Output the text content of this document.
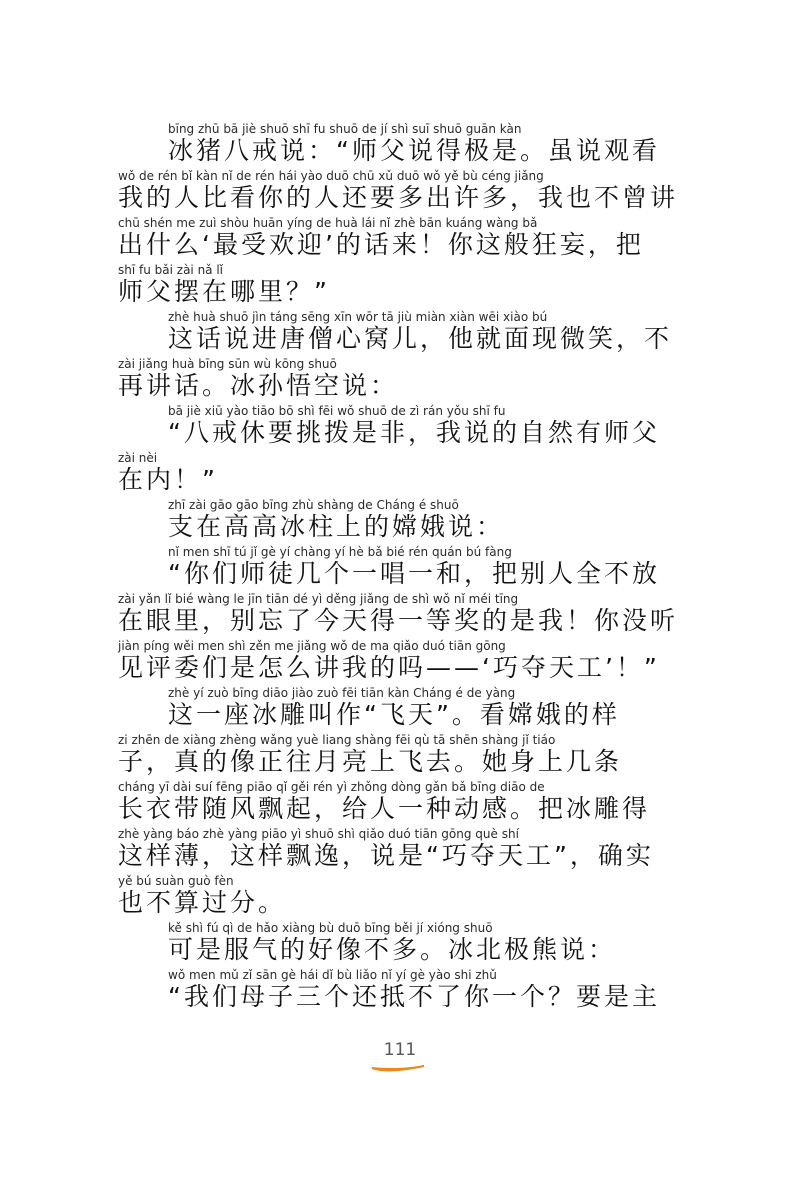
bīng zhū bā jiè shuō shī fu shuō de jí shì suī shuō guān kàn
冰猪八戒说：“师父说得极是。虽说观看
wǒ de rén bǐ kàn nǐ de rén hái yào duō chū xǔ duō wǒ yě bù céng jiǎng
我的人比看你的人还要多出许多，我也不曾讲
chū shén me zuì shòu huān yíng de huà lái nǐ zhè bān kuáng wàng bǎ
出什么‘最受欢迎’的话来！你这般狂妄，把
shī fu bǎi zài nǎ lǐ
师父摆在哪里？”
zhè huà shuō jìn táng sēng xīn wōr tā jiù miàn xiàn wēi xiào bú
这话说进唐僧心窝儿，他就面现微笑，不
zài jiǎng huà bīng sūn wù kōng shuō
再讲话。冰孙悟空说：
bā jiè xiū yào tiāo bō shì fēi wǒ shuō de zì rán yǒu shī fu
“八戒休要挑拨是非，我说的自然有师父
zài nèi
在内！”
zhī zài gāo gāo bīng zhù shàng de Cháng é shuō
支在高高冰柱上的嫦娥说：
nǐ men shī tú jǐ gè yí chàng yí hè bǎ bié rén quán bú fàng
“你们师徒几个一唱一和，把别人全不放
zài yǎn lǐ bié wàng le jīn tiān dé yì děng jiǎng de shì wǒ nǐ méi tīng
在眼里，别忘了今天得一等奖的是我！你没听
jiàn píng wěi men shì zěn me jiǎng wǒ de ma qiǎo duó tiān gōng
见评委们是怎么讲我的吗——‘巧夺天工’！”
zhè yí zuò bīng diāo jiào zuò fēi tiān kàn Cháng é de yàng
这一座冰雕叫作“飞天”。看嫦娥的样
zi zhēn de xiàng zhèng wǎng yuè liang shàng fēi qù tā shēn shàng jǐ tiáo
子，真的像正往月亮上飞去。她身上几条
cháng yī dài suí fēng piāo qǐ gěi rén yì zhǒng dòng gǎn bǎ bīng diāo de
长衣带随风飘起，给人一种动感。把冰雕得
zhè yàng báo zhè yàng piāo yì shuō shì qiǎo duó tiān gōng què shí
这样薄，这样飘逸，说是“巧夺天工”，确实
yě bú suàn guò fèn
也不算过分。
kě shì fú qì de hǎo xiàng bù duō bīng běi jí xióng shuō
可是服气的好像不多。冰北极熊说：
wǒ men mǔ zǐ sān gè hái dǐ bù liǎo nǐ yí gè yào shi zhǔ
“我们母子三个还抵不了你一个？要是主
111
